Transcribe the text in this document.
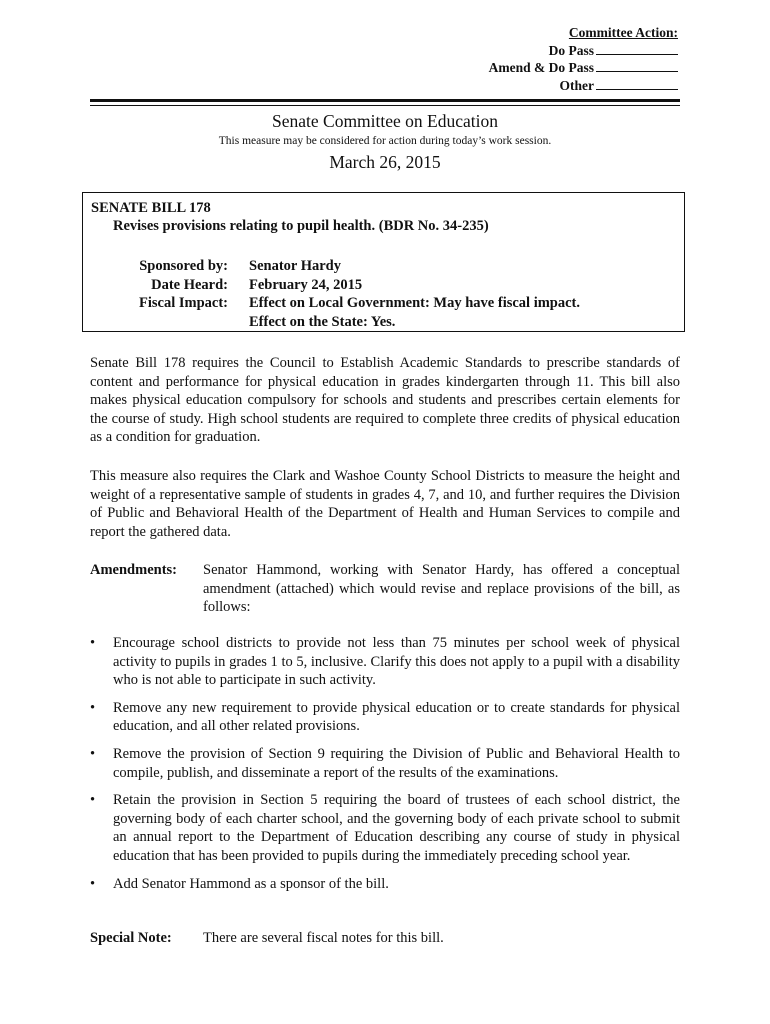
Committee Action:
Do Pass
Amend & Do Pass
Other
Senate Committee on Education
This measure may be considered for action during today’s work session.
March 26, 2015
SENATE BILL 178
Revises provisions relating to pupil health. (BDR No. 34-235)
Sponsored by: Senator Hardy
Date Heard: February 24, 2015
Fiscal Impact: Effect on Local Government: May have fiscal impact.
Effect on the State: Yes.
Senate Bill 178 requires the Council to Establish Academic Standards to prescribe standards of content and performance for physical education in grades kindergarten through 11. This bill also makes physical education compulsory for schools and students and prescribes certain elements for the course of study. High school students are required to complete three credits of physical education as a condition for graduation.
This measure also requires the Clark and Washoe County School Districts to measure the height and weight of a representative sample of students in grades 4, 7, and 10, and further requires the Division of Public and Behavioral Health of the Department of Health and Human Services to compile and report the gathered data.
Amendments: Senator Hammond, working with Senator Hardy, has offered a conceptual amendment (attached) which would revise and replace provisions of the bill, as follows:
• Encourage school districts to provide not less than 75 minutes per school week of physical activity to pupils in grades 1 to 5, inclusive. Clarify this does not apply to a pupil with a disability who is not able to participate in such activity.
• Remove any new requirement to provide physical education or to create standards for physical education, and all other related provisions.
• Remove the provision of Section 9 requiring the Division of Public and Behavioral Health to compile, publish, and disseminate a report of the results of the examinations.
• Retain the provision in Section 5 requiring the board of trustees of each school district, the governing body of each charter school, and the governing body of each private school to submit an annual report to the Department of Education describing any course of study in physical education that has been provided to pupils during the immediately preceding school year.
• Add Senator Hammond as a sponsor of the bill.
Special Note: There are several fiscal notes for this bill.
